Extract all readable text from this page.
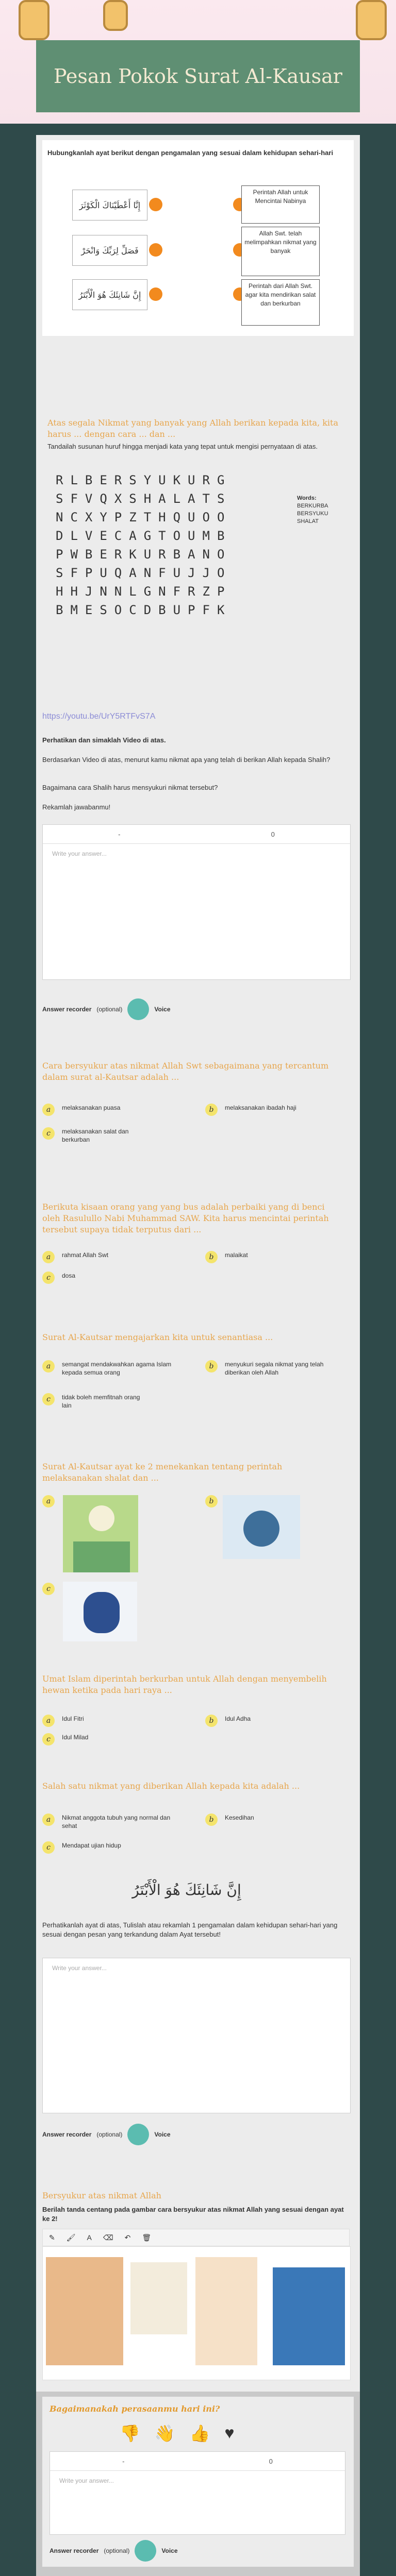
Pesan Pokok Surat Al-Kausar
Hubungkanlah ayat berikut dengan pengamalan yang sesuai dalam kehidupan sehari-hari
إِنَّا أَعْطَيْنَاكَ الْكَوْثَرَ
فَصَلِّ لِرَبِّكَ وَانْحَرْ
إِنَّ شَانِئَكَ هُوَ الْأَبْتَرُ
Perintah Allah untuk Mencintai Nabinya
Allah Swt. telah melimpahkan nikmat yang banyak
Perintah dari Allah Swt. agar kita mendirikan salat dan berkurban
Atas segala Nikmat yang banyak yang Allah berikan kepada kita, kita harus ... dengan cara ... dan ...
Tandailah susunan huruf hingga menjadi kata yang tepat untuk mengisi pernyataan di atas.
RLBERSYUKURG
SFVQXSHALATS
NCXYPZTHQUOO
DLVECAGTOUMB
PWBERKURBANO
SFPUQANFUJJO
HHJNNLGNFRZP
BMESOCDBUPFK
Words:
BERKURBA
BERSYUKU
SHALAT
https://youtu.be/UrY5RTFvS7A
Perhatikan dan simaklah Video di atas.
Berdasarkan Video di atas, menurut kamu nikmat apa yang telah di berikan Allah kepada Shalih?
Bagaimana cara Shalih harus mensyukuri nikmat tersebut?
Rekamlah jawabanmu!
-	0
Write your answer...
Answer recorder (optional)	Voice
Cara bersyukur atas nikmat Allah Swt sebagaimana yang tercantum dalam surat al-Kautsar adalah ...
a	melaksanakan puasa	b	melaksanakan ibadah haji
c	melaksanakan salat dan berkurban
Berikuta kisaan orang yang yang bus adalah perbaiki yang di benci oleh Rasulullo Nabi Muhammad SAW. Kita harus mencintai perintah tersebut supaya tidak terputus dari ...
a	rahmat Allah Swt	b	malaikat
c	dosa
Surat Al-Kautsar mengajarkan kita untuk senantiasa ...
a	semangat mendakwahkan agama Islam kepada semua orang
b	menyukuri segala nikmat yang telah diberikan oleh Allah
c	tidak boleh memfitnah orang lain
Surat Al-Kautsar ayat ke 2 menekankan tentang perintah melaksanakan shalat dan ...
a	b
c
Umat Islam diperintah berkurban untuk Allah dengan menyembelih hewan ketika pada hari raya ...
a	Idul Fitri	b	Idul Adha
c	Idul Milad
Salah satu nikmat yang diberikan Allah kepada kita adalah ...
a	Nikmat anggota tubuh yang normal dan sehat
b	Kesedihan
c	Mendapat ujian hidup
إِنَّ شَانِئَكَ هُوَ الْأَبْتَرُ
Perhatikanlah ayat di atas, Tulislah atau rekamlah 1 pengamalan dalam kehidupan sehari-hari yang sesuai dengan pesan yang terkandung dalam Ayat tersebut!
Write your answer...
Answer recorder (optional)	Voice
Bersyukur atas nikmat Allah
Berilah tanda centang pada gambar cara bersyukur atas nikmat Allah yang sesuai dengan ayat ke 2!
✎ 🖌 A ⌫ ↶ 🗑
Bagaimanakah perasaanmu hari ini?
👎 👋 👍 ♥
-	0
Write your answer...
Answer recorder (optional)	Voice
